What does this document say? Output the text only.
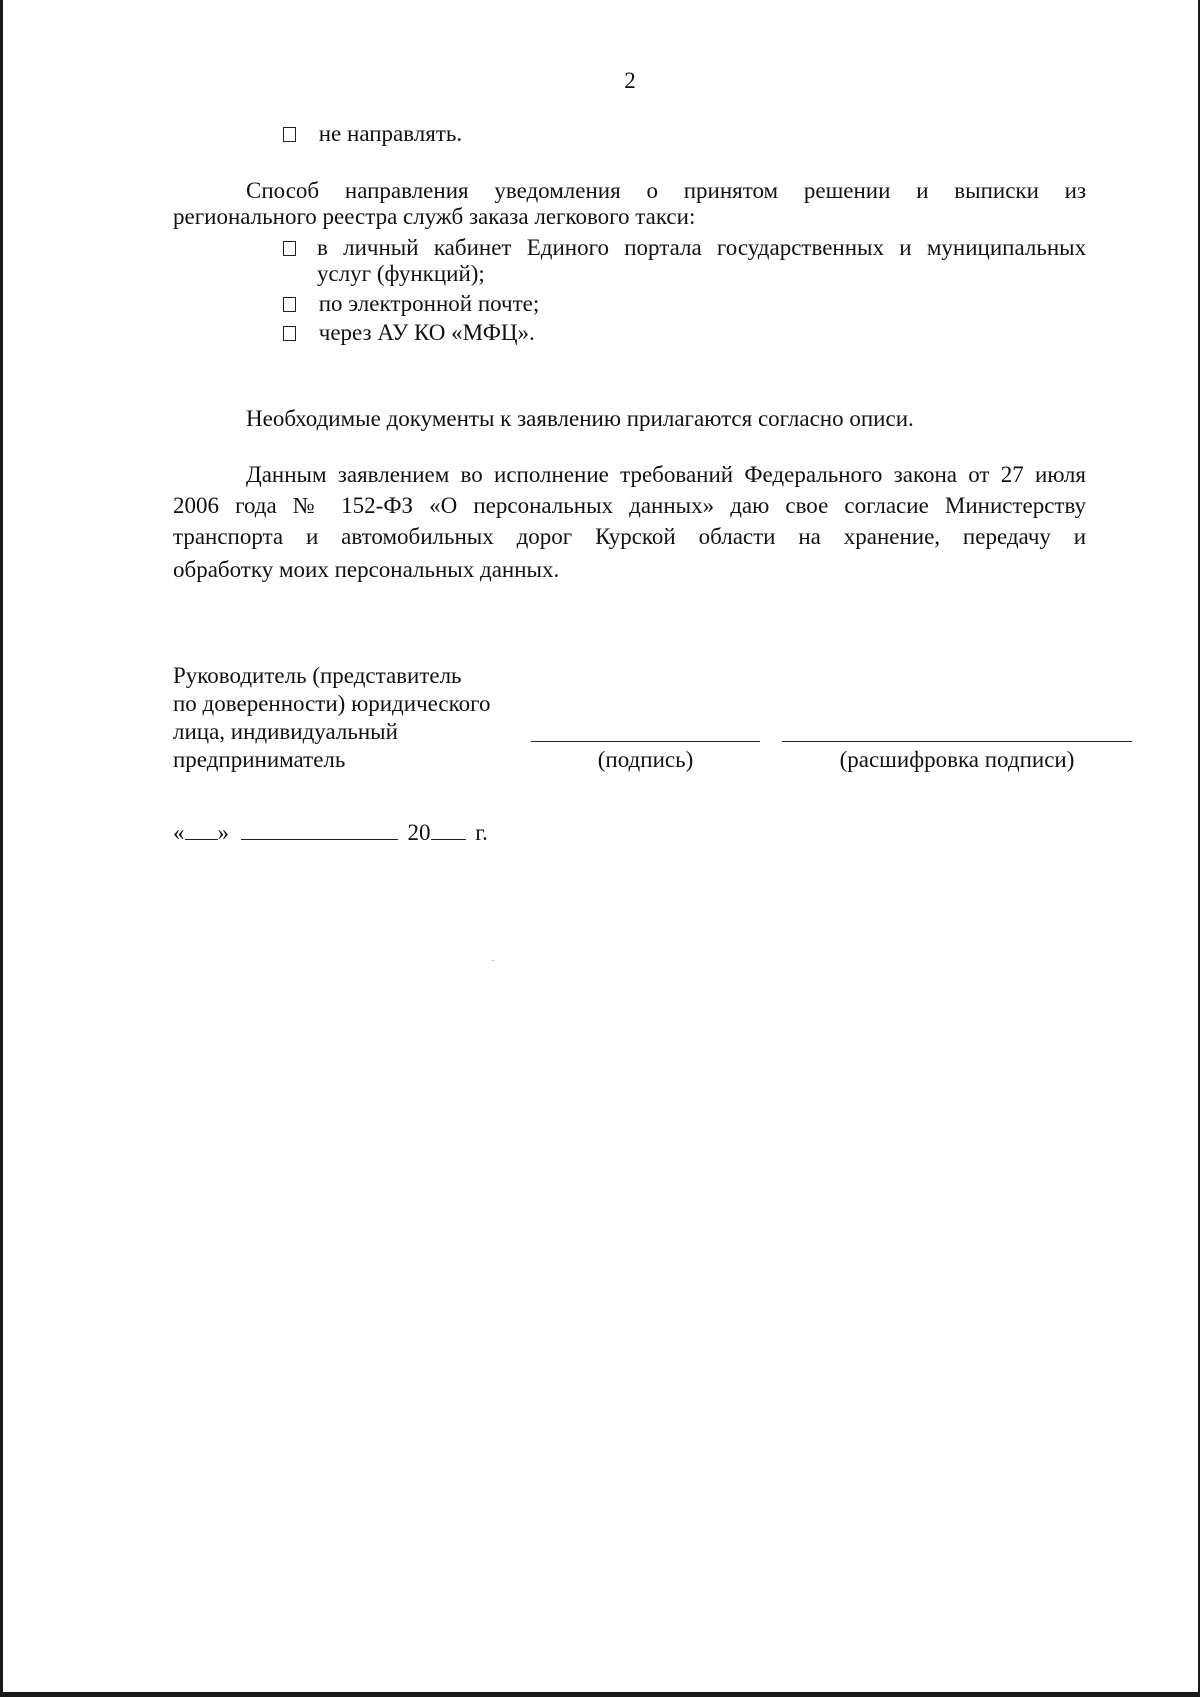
2
не направлять.
Способ направления уведомления о принятом решении и выписки из
регионального реестра служб заказа легкового такси:
в личный кабинет Единого портала государственных и муниципальных
услуг (функций);
по электронной почте;
через АУ КО «МФЦ».
Необходимые документы к заявлению прилагаются согласно описи.
Данным заявлением во исполнение требований Федерального закона от 27 июля
2006 года № 152-ФЗ «О персональных данных» даю свое согласие Министерству
транспорта и автомобильных дорог Курской области на хранение, передачу и
обработку моих персональных данных.
Руководитель (представитель
по доверенности) юридического
лица, индивидуальный
предприниматель	(подпись)	(расшифровка подписи)
« »	20 г.
